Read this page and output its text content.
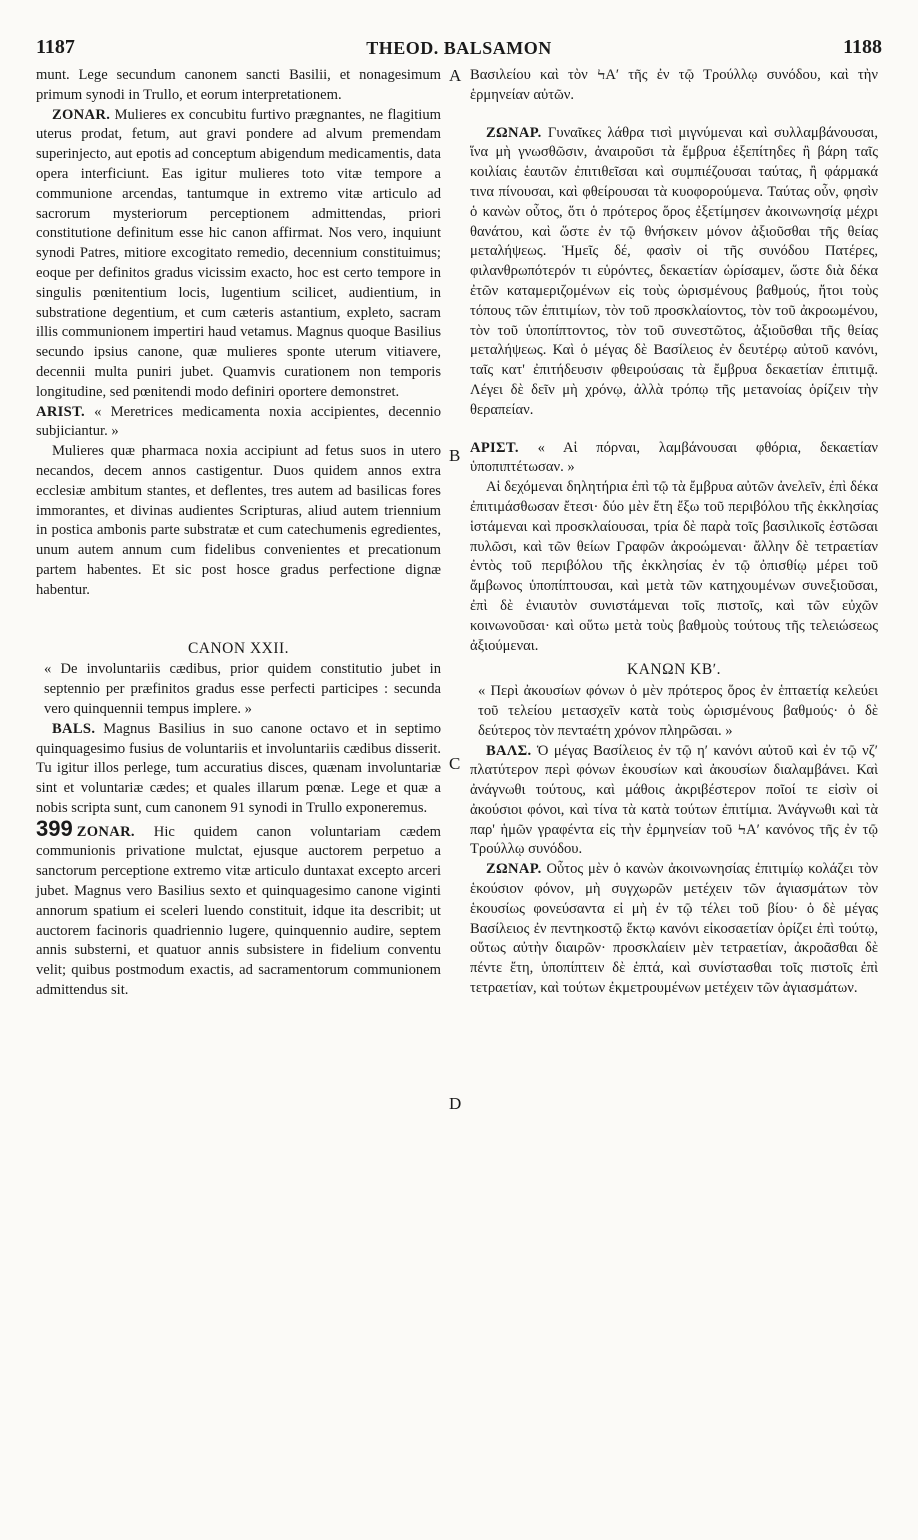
1187	THEOD. BALSAMON	1188
A
B
C
D

munt. Lege secundum canonem sancti Basilii, et nonagesimum primum synodi in Trullo, et eorum interpretationem.

ZONAR. Mulieres ex concubitu furtivo prægnantes, ne flagitium uterus prodat, fetum, aut gravi pondere ad alvum premendam superinjecto, aut epotis ad conceptum abigendum medicamentis, data opera interficiunt. Eas igitur mulieres toto vitæ tempore a communione arcendas, tantumque in extremo vitæ articulo ad sacrorum mysteriorum perceptionem admittendas, priori constitutione definitum esse hic canon affirmat. Nos vero, inquiunt synodi Patres, mitiore excogitato remedio, decennium constituimus; eoque per definitos gradus vicissim exacto, hoc est certo tempore in singulis pœnitentium locis, lugentium scilicet, audientium, in substratione degentium, et cum cæteris astantium, expleto, sacram illis communionem impertiri haud vetamus. Magnus quoque Basilius secundo ipsius canone, quæ mulieres sponte uterum vitiavere, decennii multa puniri jubet. Quamvis curationem non temporis longitudine, sed pœnitendi modo definiri oportere demonstret.

ARIST. « Meretrices medicamenta noxia accipientes, decennio subjiciantur. »

Mulieres quæ pharmaca noxia accipiunt ad fetus suos in utero necandos, decem annos castigentur. Duos quidem annos extra ecclesiæ ambitum stantes, et deflentes, tres autem ad basilicas fores immorantes, et divinas audientes Scripturas, aliud autem triennium in postica ambonis parte substratæ et cum catechumenis egredientes, unum autem annum cum fidelibus convenientes et precationum partem habentes. Et sic post hosce gradus perfectione dignæ habentur.

CANON XXII.

« De involuntariis cædibus, prior quidem constitutio jubet in septennio per præfinitos gradus esse perfecti participes : secunda vero quinquennii tempus implere. »

BALS. Magnus Basilius in suo canone octavo et in septimo quinquagesimo fusius de voluntariis et involuntariis cædibus disserit. Tu igitur illos perlege, tum accuratius disces, quænam involuntariæ sint et voluntariæ cædes; et quales illarum pœnæ. Lege et quæ a nobis scripta sunt, cum canonem 91 synodi in Trullo exponeremus.

399 ZONAR. Hic quidem canon voluntariam cædem communionis privatione mulctat, ejusque auctorem perpetuo a sanctorum perceptione extremo vitæ articulo duntaxat excepto arceri jubet. Magnus vero Basilius sexto et quinquagesimo canone viginti annorum spatium ei sceleri luendo constituit, idque ita describit; ut auctorem facinoris quadriennio lugere, quinquennio audire, septem annis substerni, et quatuor annis subsistere in fidelium conventu velit; quibus postmodum exactis, ad sacramentorum communionem admittendus sit.

Βασιλείου καὶ τὸν ϞΑʹ τῆς ἐν τῷ Τρούλλῳ συνόδου, καὶ τὴν ἑρμηνείαν αὐτῶν.

ΖΩΝΑΡ. Γυναῖκες λάθρα τισὶ μιγνύμεναι καὶ συλλαμβάνουσαι, ἵνα μὴ γνωσθῶσιν, ἀναιροῦσι τὰ ἔμβρυα ἐξεπίτηδες ἢ βάρη ταῖς κοιλίαις ἑαυτῶν ἐπιτιθεῖσαι καὶ συμπιέζουσαι ταύτας, ἢ φάρμακά τινα πίνουσαι, καὶ φθείρουσαι τὰ κυοφορούμενα. Ταύτας οὖν, φησὶν ὁ κανὼν οὗτος, ὅτι ὁ πρότερος ὅρος ἐξετίμησεν ἀκοινωνησίᾳ μέχρι θανάτου, καὶ ὥστε ἐν τῷ θνήσκειν μόνον ἀξιοῦσθαι τῆς θείας μεταλήψεως. Ἡμεῖς δέ, φασὶν οἱ τῆς συνόδου Πατέρες, φιλανθρωπότερόν τι εὑρόντες, δεκαετίαν ὡρίσαμεν, ὥστε διὰ δέκα ἐτῶν καταμεριζομένων εἰς τοὺς ὡρισμένους βαθμούς, ἤτοι τοὺς τόπους τῶν ἐπιτιμίων, τὸν τοῦ προσκλαίοντος, τὸν τοῦ ἀκροωμένου, τὸν τοῦ ὑποπίπτοντος, τὸν τοῦ συνεστῶτος, ἀξιοῦσθαι τῆς θείας μεταλήψεως. Καὶ ὁ μέγας δὲ Βασίλειος ἐν δευτέρῳ αὐτοῦ κανόνι, ταῖς κατ' ἐπιτήδευσιν φθειρούσαις τὰ ἔμβρυα δεκαετίαν ἐπιτιμᾷ. Λέγει δὲ δεῖν μὴ χρόνῳ, ἀλλὰ τρόπῳ τῆς μετανοίας ὁρίζειν τὴν θεραπείαν.

ΑΡΙΣΤ. « Αἱ πόρναι, λαμβάνουσαι φθόρια, δεκαετίαν ὑποπιπτέτωσαν. »

Αἱ δεχόμεναι δηλητήρια ἐπὶ τῷ τὰ ἔμβρυα αὐτῶν ἀνελεῖν, ἐπὶ δέκα ἐπιτιμάσθωσαν ἔτεσι· δύο μὲν ἔτη ἔξω τοῦ περιβόλου τῆς ἐκκλησίας ἱστάμεναι καὶ προσκλαίουσαι, τρία δὲ παρὰ τοῖς βασιλικοῖς ἑστῶσαι πυλῶσι, καὶ τῶν θείων Γραφῶν ἀκροώμεναι· ἄλλην δὲ τετραετίαν ἐντὸς τοῦ περιβόλου τῆς ἐκκλησίας ἐν τῷ ὀπισθίῳ μέρει τοῦ ἄμβωνος ὑποπίπτουσαι, καὶ μετὰ τῶν κατηχουμένων συνεξιοῦσαι, ἐπὶ δὲ ἐνιαυτὸν συνιστάμεναι τοῖς πιστοῖς, καὶ τῶν εὐχῶν κοινωνοῦσαι· καὶ οὕτω μετὰ τοὺς βαθμοὺς τούτους τῆς τελειώσεως ἀξιούμεναι.

ΚΑΝΩΝ ΚΒʹ.

« Περὶ ἀκουσίων φόνων ὁ μὲν πρότερος ὅρος ἐν ἑπταετίᾳ κελεύει τοῦ τελείου μετασχεῖν κατὰ τοὺς ὡρισμένους βαθμούς· ὁ δὲ δεύτερος τὸν πενταέτη χρόνον πληρῶσαι. »

ΒΑΛΣ. Ὁ μέγας Βασίλειος ἐν τῷ ηʹ κανόνι αὐτοῦ καὶ ἐν τῷ νζʹ πλατύτερον περὶ φόνων ἑκουσίων καὶ ἀκουσίων διαλαμβάνει. Καὶ ἀνάγνωθι τούτους, καὶ μάθοις ἀκριβέστερον ποῖοί τε εἰσὶν οἱ ἀκούσιοι φόνοι, καὶ τίνα τὰ κατὰ τούτων ἐπιτίμια. Ἀνάγνωθι καὶ τὰ παρ' ἡμῶν γραφέντα εἰς τὴν ἑρμηνείαν τοῦ ϞΑʹ κανόνος τῆς ἐν τῷ Τρούλλῳ συνόδου.

ΖΩΝΑΡ. Οὗτος μὲν ὁ κανὼν ἀκοινωνησίας ἐπιτιμίῳ κολάζει τὸν ἑκούσιον φόνον, μὴ συγχωρῶν μετέχειν τῶν ἁγιασμάτων τὸν ἑκουσίως φονεύσαντα εἰ μὴ ἐν τῷ τέλει τοῦ βίου· ὁ δὲ μέγας Βασίλειος ἐν πεντηκοστῷ ἕκτῳ κανόνι εἰκοσαετίαν ὁρίζει ἐπὶ τούτῳ, οὕτως αὐτὴν διαιρῶν· προσκλαίειν μὲν τετραετίαν, ἀκροᾶσθαι δὲ πέντε ἔτη, ὑποπίπτειν δὲ ἑπτά, καὶ συνίστασθαι τοῖς πιστοῖς ἐπὶ τετραετίαν, καὶ τούτων ἐκμετρουμένων μετέχειν τῶν ἁγιασμάτων.
